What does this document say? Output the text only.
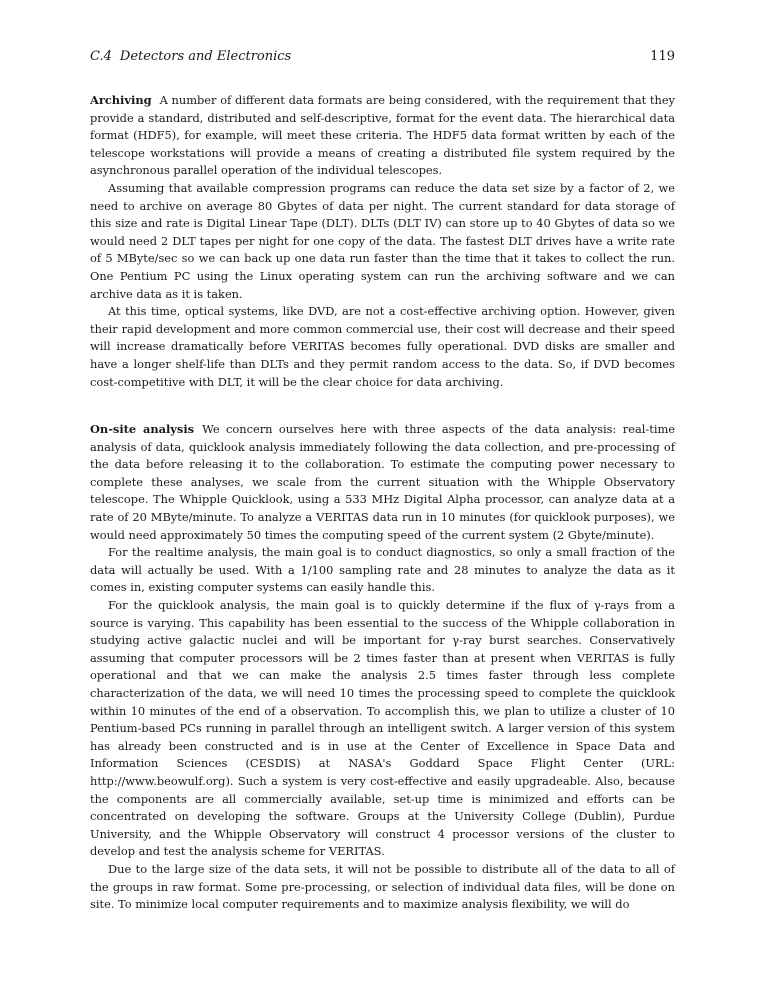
C.4 Detectors and Electronics	119

Archiving A number of different data formats are being considered, with the requirement that they provide a standard, distributed and self-descriptive, format for the event data. The hierarchical data format (HDF5), for example, will meet these criteria. The HDF5 data format written by each of the telescope workstations will provide a means of creating a distributed file system required by the asynchronous parallel operation of the individual telescopes.

Assuming that available compression programs can reduce the data set size by a factor of 2, we need to archive on average 80 Gbytes of data per night. The current standard for data storage of this size and rate is Digital Linear Tape (DLT). DLTs (DLT IV) can store up to 40 Gbytes of data so we would need 2 DLT tapes per night for one copy of the data. The fastest DLT drives have a write rate of 5 MByte/sec so we can back up one data run faster than the time that it takes to collect the run. One Pentium PC using the Linux operating system can run the archiving software and we can archive data as it is taken.

At this time, optical systems, like DVD, are not a cost-effective archiving option. However, given their rapid development and more common commercial use, their cost will decrease and their speed will increase dramatically before VERITAS becomes fully operational. DVD disks are smaller and have a longer shelf-life than DLTs and they permit random access to the data. So, if DVD becomes cost-competitive with DLT, it will be the clear choice for data archiving.

On-site analysis We concern ourselves here with three aspects of the data analysis: real-time analysis of data, quicklook analysis immediately following the data collection, and pre-processing of the data before releasing it to the collaboration. To estimate the computing power necessary to complete these analyses, we scale from the current situation with the Whipple Observatory telescope. The Whipple Quicklook, using a 533 MHz Digital Alpha processor, can analyze data at a rate of 20 MByte/minute. To analyze a VERITAS data run in 10 minutes (for quicklook purposes), we would need approximately 50 times the computing speed of the current system (2 Gbyte/minute).

For the realtime analysis, the main goal is to conduct diagnostics, so only a small fraction of the data will actually be used. With a 1/100 sampling rate and 28 minutes to analyze the data as it comes in, existing computer systems can easily handle this.

For the quicklook analysis, the main goal is to quickly determine if the flux of γ-rays from a source is varying. This capability has been essential to the success of the Whipple collaboration in studying active galactic nuclei and will be important for γ-ray burst searches. Conservatively assuming that computer processors will be 2 times faster than at present when VERITAS is fully operational and that we can make the analysis 2.5 times faster through less complete characterization of the data, we will need 10 times the processing speed to complete the quicklook within 10 minutes of the end of a observation. To accomplish this, we plan to utilize a cluster of 10 Pentium-based PCs running in parallel through an intelligent switch. A larger version of this system has already been constructed and is in use at the Center of Excellence in Space Data and Information Sciences (CESDIS) at NASA's Goddard Space Flight Center (URL: http://www.beowulf.org). Such a system is very cost-effective and easily upgradeable. Also, because the components are all commercially available, set-up time is minimized and efforts can be concentrated on developing the software. Groups at the University College (Dublin), Purdue University, and the Whipple Observatory will construct 4 processor versions of the cluster to develop and test the analysis scheme for VERITAS.

Due to the large size of the data sets, it will not be possible to distribute all of the data to all of the groups in raw format. Some pre-processing, or selection of individual data files, will be done on site. To minimize local computer requirements and to maximize analysis flexibility, we will do
